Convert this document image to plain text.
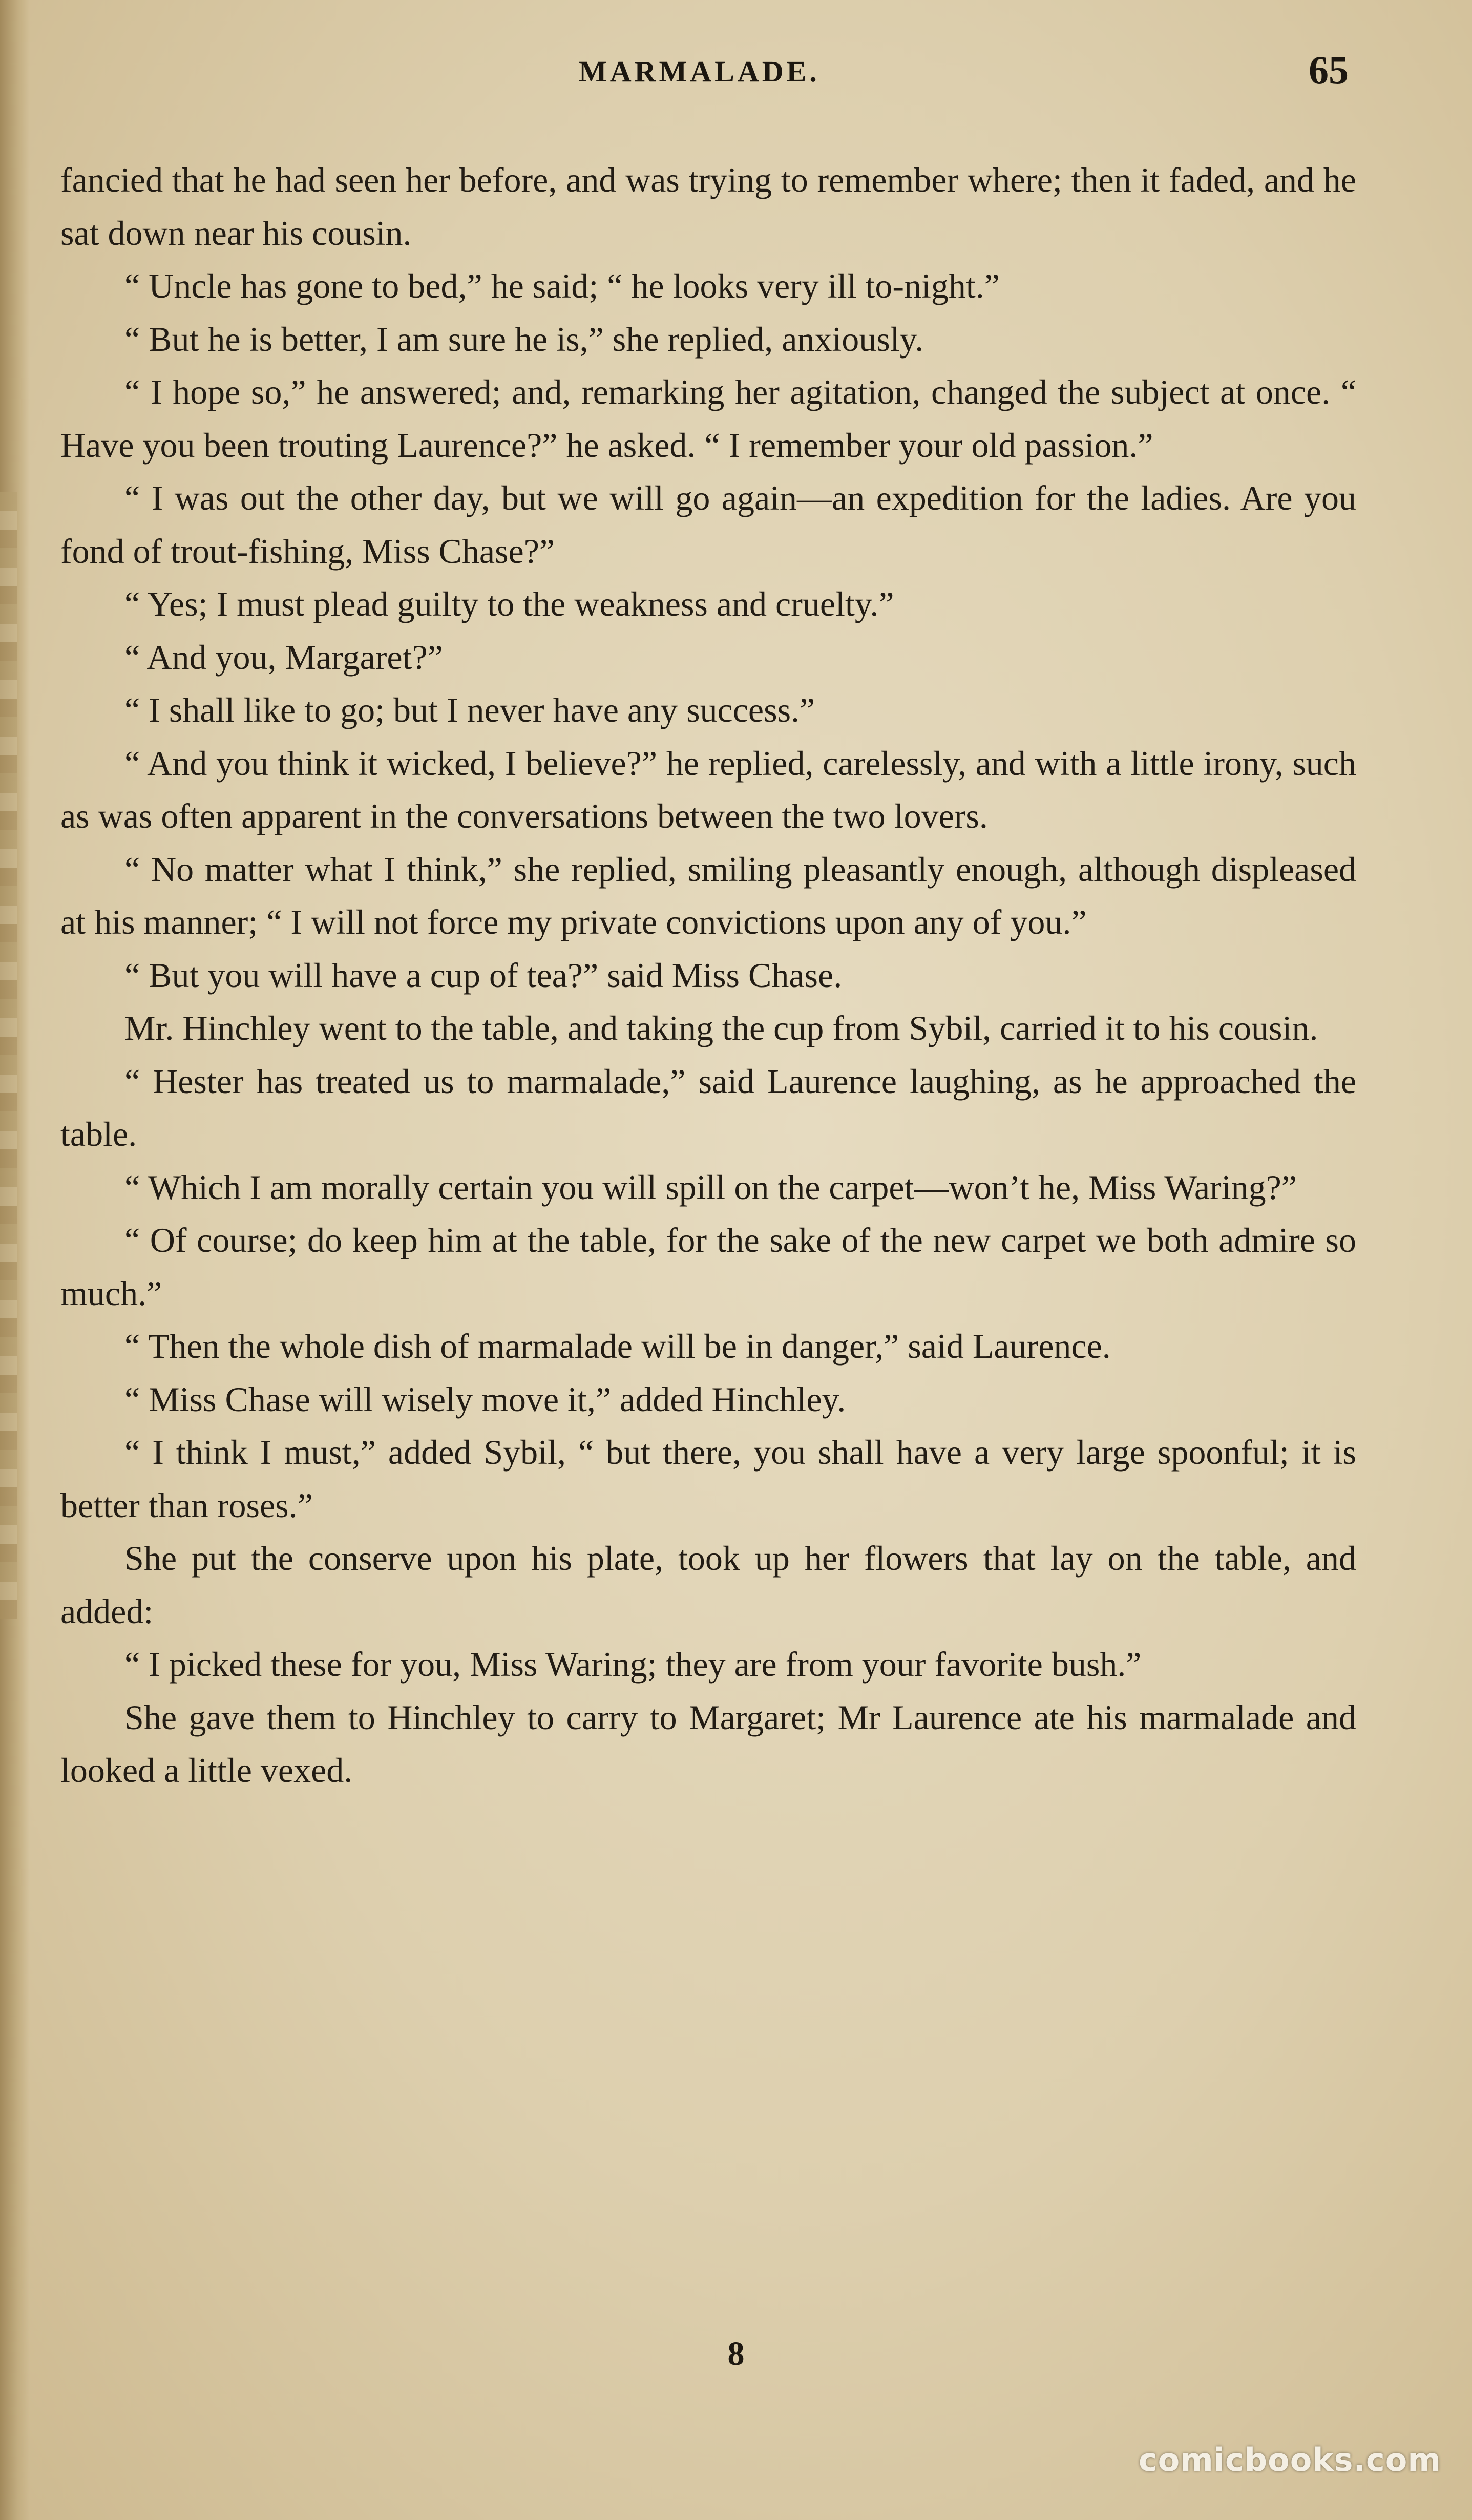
MARMALADE.	65

fancied that he had seen her before, and was trying to remember where; then it faded, and he sat down near his cousin.

“ Uncle has gone to bed,” he said; “ he looks very ill to-night.”

“ But he is better, I am sure he is,” she replied, anxiously.

“ I hope so,” he answered; and, remarking her agitation, changed the subject at once. “ Have you been trouting Laurence?” he asked. “ I remember your old passion.”

“ I was out the other day, but we will go again—an expedition for the ladies. Are you fond of trout-fishing, Miss Chase?”

“ Yes; I must plead guilty to the weakness and cruelty.”

“ And you, Margaret?”

“ I shall like to go; but I never have any success.”

“ And you think it wicked, I believe?” he replied, carelessly, and with a little irony, such as was often apparent in the conversations between the two lovers.

“ No matter what I think,” she replied, smiling pleasantly enough, although displeased at his manner; “ I will not force my private convictions upon any of you.”

“ But you will have a cup of tea?” said Miss Chase.

Mr. Hinchley went to the table, and taking the cup from Sybil, carried it to his cousin.

“ Hester has treated us to marmalade,” said Laurence laughing, as he approached the table.

“ Which I am morally certain you will spill on the carpet—won’t he, Miss Waring?”

“ Of course; do keep him at the table, for the sake of the new carpet we both admire so much.”

“ Then the whole dish of marmalade will be in danger,” said Laurence.

“ Miss Chase will wisely move it,” added Hinchley.

“ I think I must,” added Sybil, “ but there, you shall have a very large spoonful; it is better than roses.”

She put the conserve upon his plate, took up her flowers that lay on the table, and added:

“ I picked these for you, Miss Waring; they are from your favorite bush.”

She gave them to Hinchley to carry to Margaret; Mr Laurence ate his marmalade and looked a little vexed.

8
comicbooks.com
